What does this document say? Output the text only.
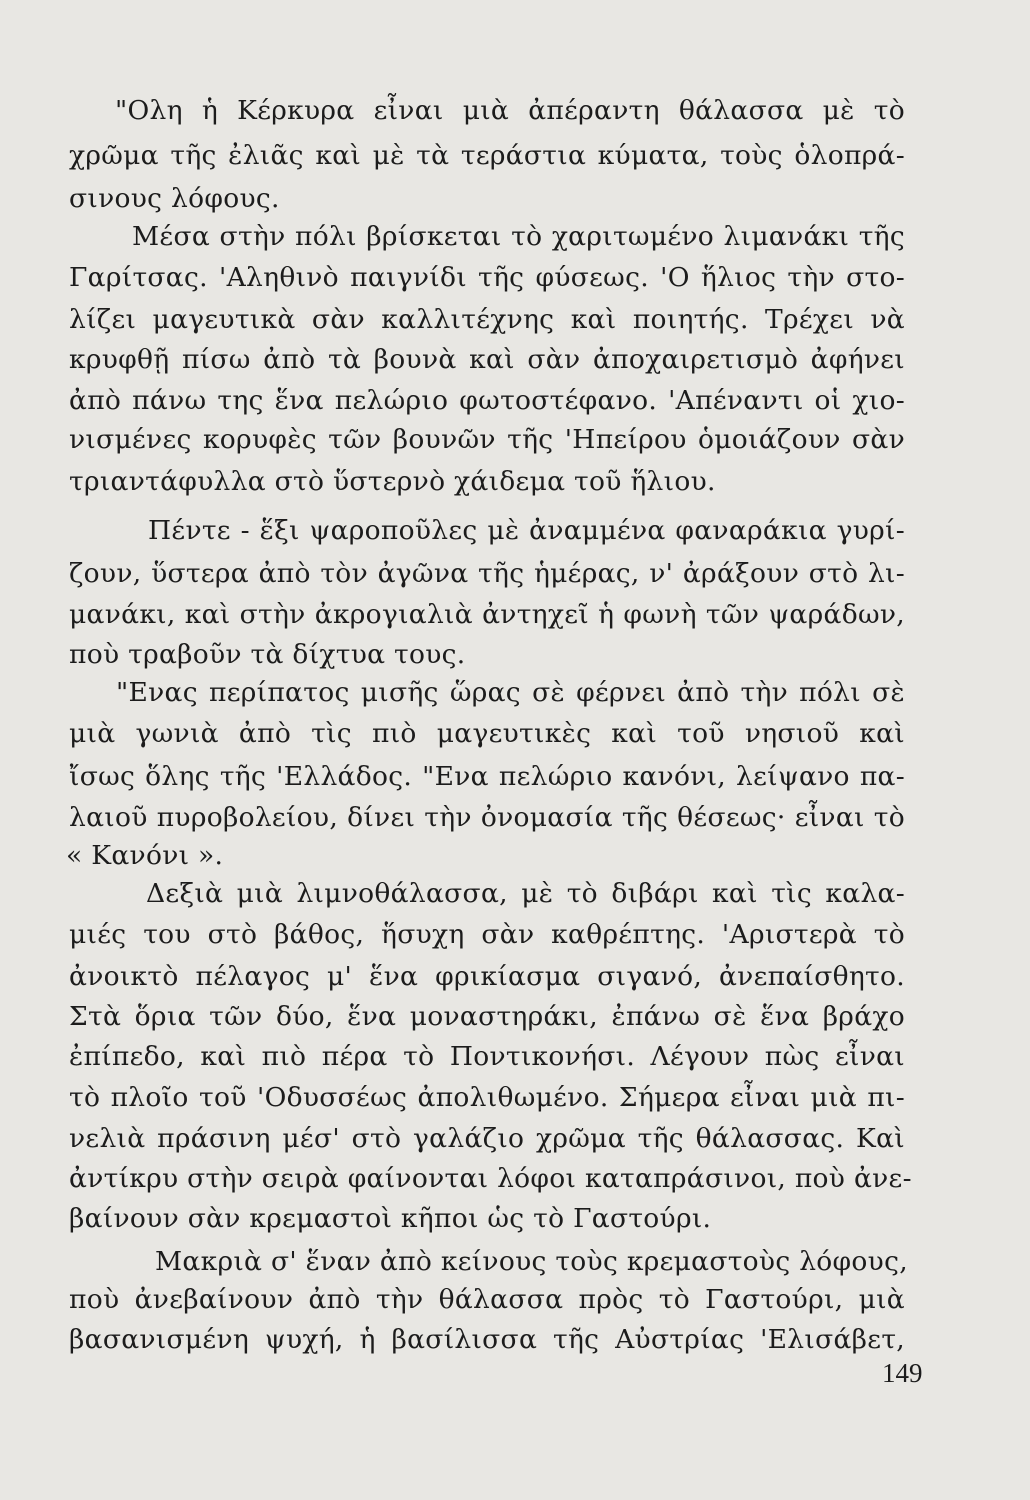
"Ολη ἡ Κέρκυρα εἶναι μιὰ ἀπέραντη θάλασσα μὲ τὸ

χρῶμα τῆς ἐλιᾶς καὶ μὲ τὰ τεράστια κύματα, τοὺς ὁλοπρά-

σινους λόφους.

Μέσα στὴν πόλι βρίσκεται τὸ χαριτωμένο λιμανάκι τῆς

Γαρίτσας. 'Αληθινὸ παιγνίδι τῆς φύσεως. 'Ο ἥλιος τὴν στο-

λίζει μαγευτικὰ σὰν καλλιτέχνης καὶ ποιητής. Τρέχει νὰ

κρυφθῇ πίσω ἀπὸ τὰ βουνὰ καὶ σὰν ἀποχαιρετισμὸ ἀφήνει

ἀπὸ πάνω της ἕνα πελώριο φωτοστέφανο. 'Απέναντι οἱ χιο-

νισμένες κορυφὲς τῶν βουνῶν τῆς 'Ηπείρου ὁμοιάζουν σὰν

τριαντάφυλλα στὸ ὕστερνὸ χάιδεμα τοῦ ἥλιου.

Πέντε - ἕξι ψαροποῦλες μὲ ἀναμμένα φαναράκια γυρί-

ζουν, ὕστερα ἀπὸ τὸν ἀγῶνα τῆς ἡμέρας, ν' ἀράξουν στὸ λι-

μανάκι, καὶ στὴν ἀκρογιαλιὰ ἀντηχεῖ ἡ φωνὴ τῶν ψαράδων,

ποὺ τραβοῦν τὰ δίχτυα τους.

"Ενας περίπατος μισῆς ὥρας σὲ φέρνει ἀπὸ τὴν πόλι σὲ

μιὰ γωνιὰ ἀπὸ τὶς πιὸ μαγευτικὲς καὶ τοῦ νησιοῦ καὶ

ἴσως ὅλης τῆς 'Ελλάδος. "Ενα πελώριο κανόνι, λείψανο πα-

λαιοῦ πυροβολείου, δίνει τὴν ὀνομασία τῆς θέσεως· εἶναι τὸ

« Κανόνι ».

Δεξιὰ μιὰ λιμνοθάλασσα, μὲ τὸ διβάρι καὶ τὶς καλα-

μιές του στὸ βάθος, ἥσυχη σὰν καθρέπτης. 'Αριστερὰ τὸ

ἀνοικτὸ πέλαγος μ' ἕνα φρικίασμα σιγανό, ἀνεπαίσθητο.

Στὰ ὅρια τῶν δύο, ἕνα μοναστηράκι, ἐπάνω σὲ ἕνα βράχο

ἐπίπεδο, καὶ πιὸ πέρα τὸ Ποντικονήσι. Λέγουν πὼς εἶναι

τὸ πλοῖο τοῦ 'Οδυσσέως ἀπολιθωμένο. Σήμερα εἶναι μιὰ πι-

νελιὰ πράσινη μέσ' στὸ γαλάζιο χρῶμα τῆς θάλασσας. Καὶ

ἀντίκρυ στὴν σειρὰ φαίνονται λόφοι καταπράσινοι, ποὺ ἀνε-

βαίνουν σὰν κρεμαστοὶ κῆποι ὡς τὸ Γαστούρι.

Μακριὰ σ' ἕναν ἀπὸ κείνους τοὺς κρεμαστοὺς λόφους,

ποὺ ἀνεβαίνουν ἀπὸ τὴν θάλασσα πρὸς τὸ Γαστούρι, μιὰ

βασανισμένη ψυχή, ἡ βασίλισσα τῆς Αὐστρίας 'Ελισάβετ,

149
